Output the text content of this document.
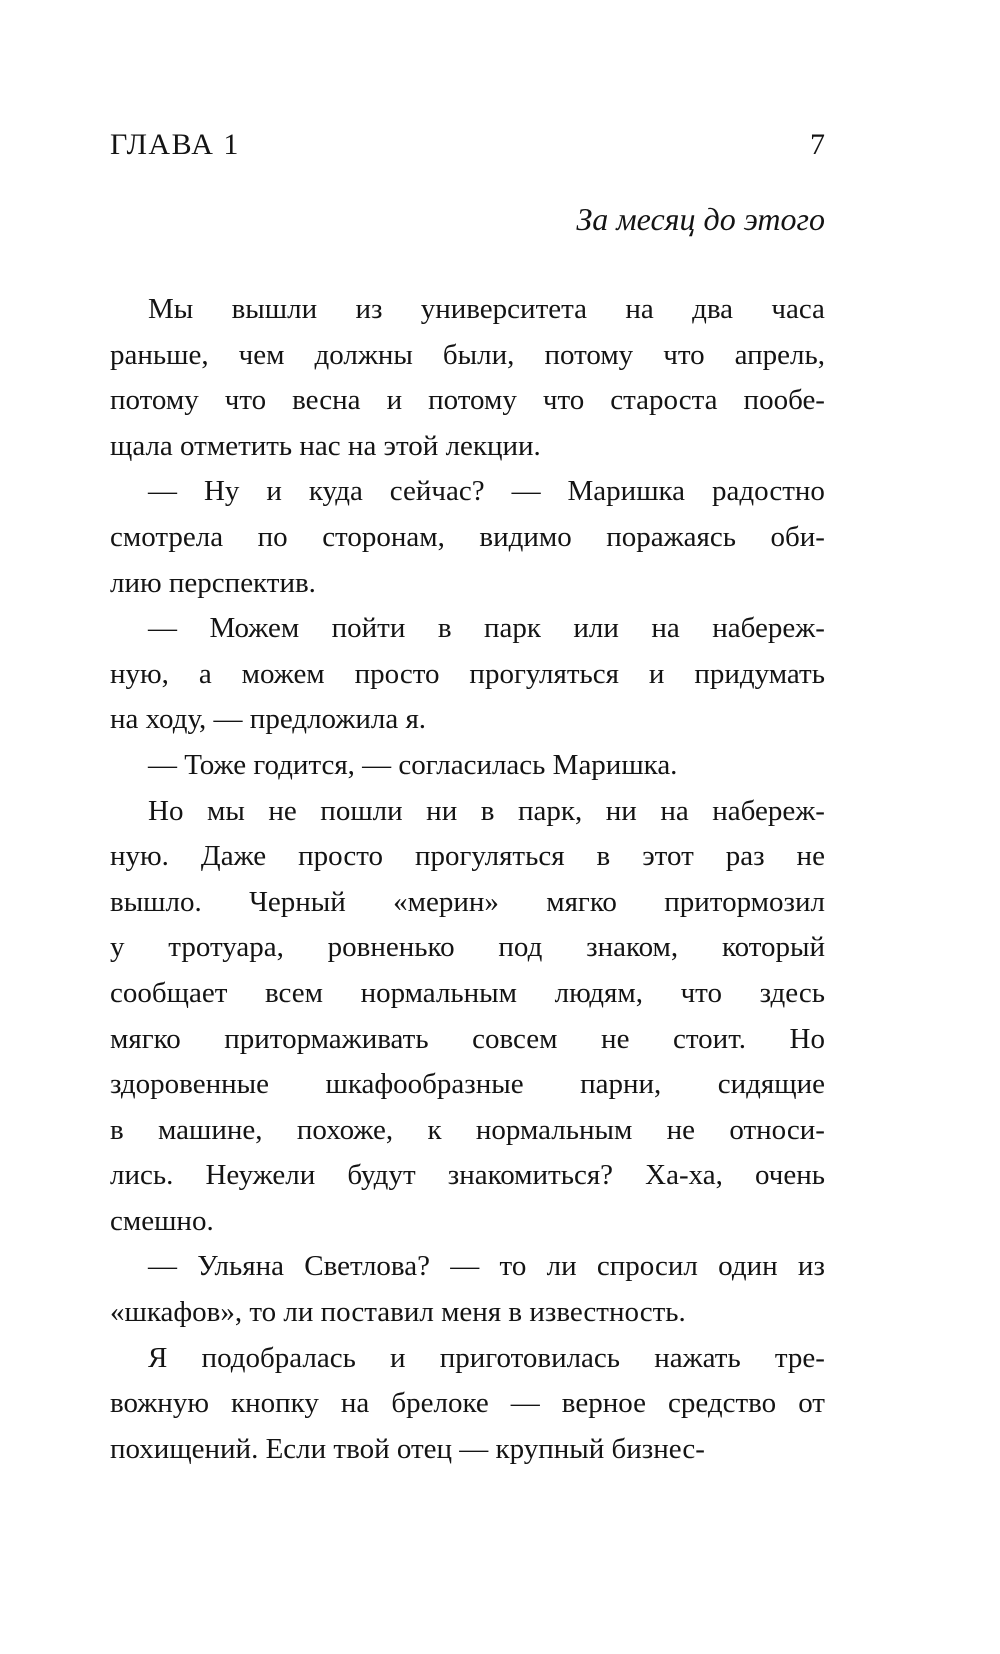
ГЛАВА 1	7
За месяц до этого
Мы вышли из университета на два часа
раньше, чем должны были, потому что апрель,
потому что весна и потому что староста пообе-
щала отметить нас на этой лекции.
— Ну и куда сейчас? — Маришка радостно
смотрела по сторонам, видимо поражаясь оби-
лию перспектив.
— Можем пойти в парк или на набереж-
ную, а можем просто прогуляться и придумать
на ходу, — предложила я.
— Тоже годится, — согласилась Маришка.
Но мы не пошли ни в парк, ни на набереж-
ную. Даже просто прогуляться в этот раз не
вышло. Черный «мерин» мягко притормозил
у тротуара, ровненько под знаком, который
сообщает всем нормальным людям, что здесь
мягко притормаживать совсем не стоит. Но
здоровенные шкафообразные парни, сидящие
в машине, похоже, к нормальным не относи-
лись. Неужели будут знакомиться? Ха-ха, очень
смешно.
— Ульяна Светлова? — то ли спросил один из
«шкафов», то ли поставил меня в известность.
Я подобралась и приготовилась нажать тре-
вожную кнопку на брелоке — верное средство от
похищений. Если твой отец — крупный бизнес-
